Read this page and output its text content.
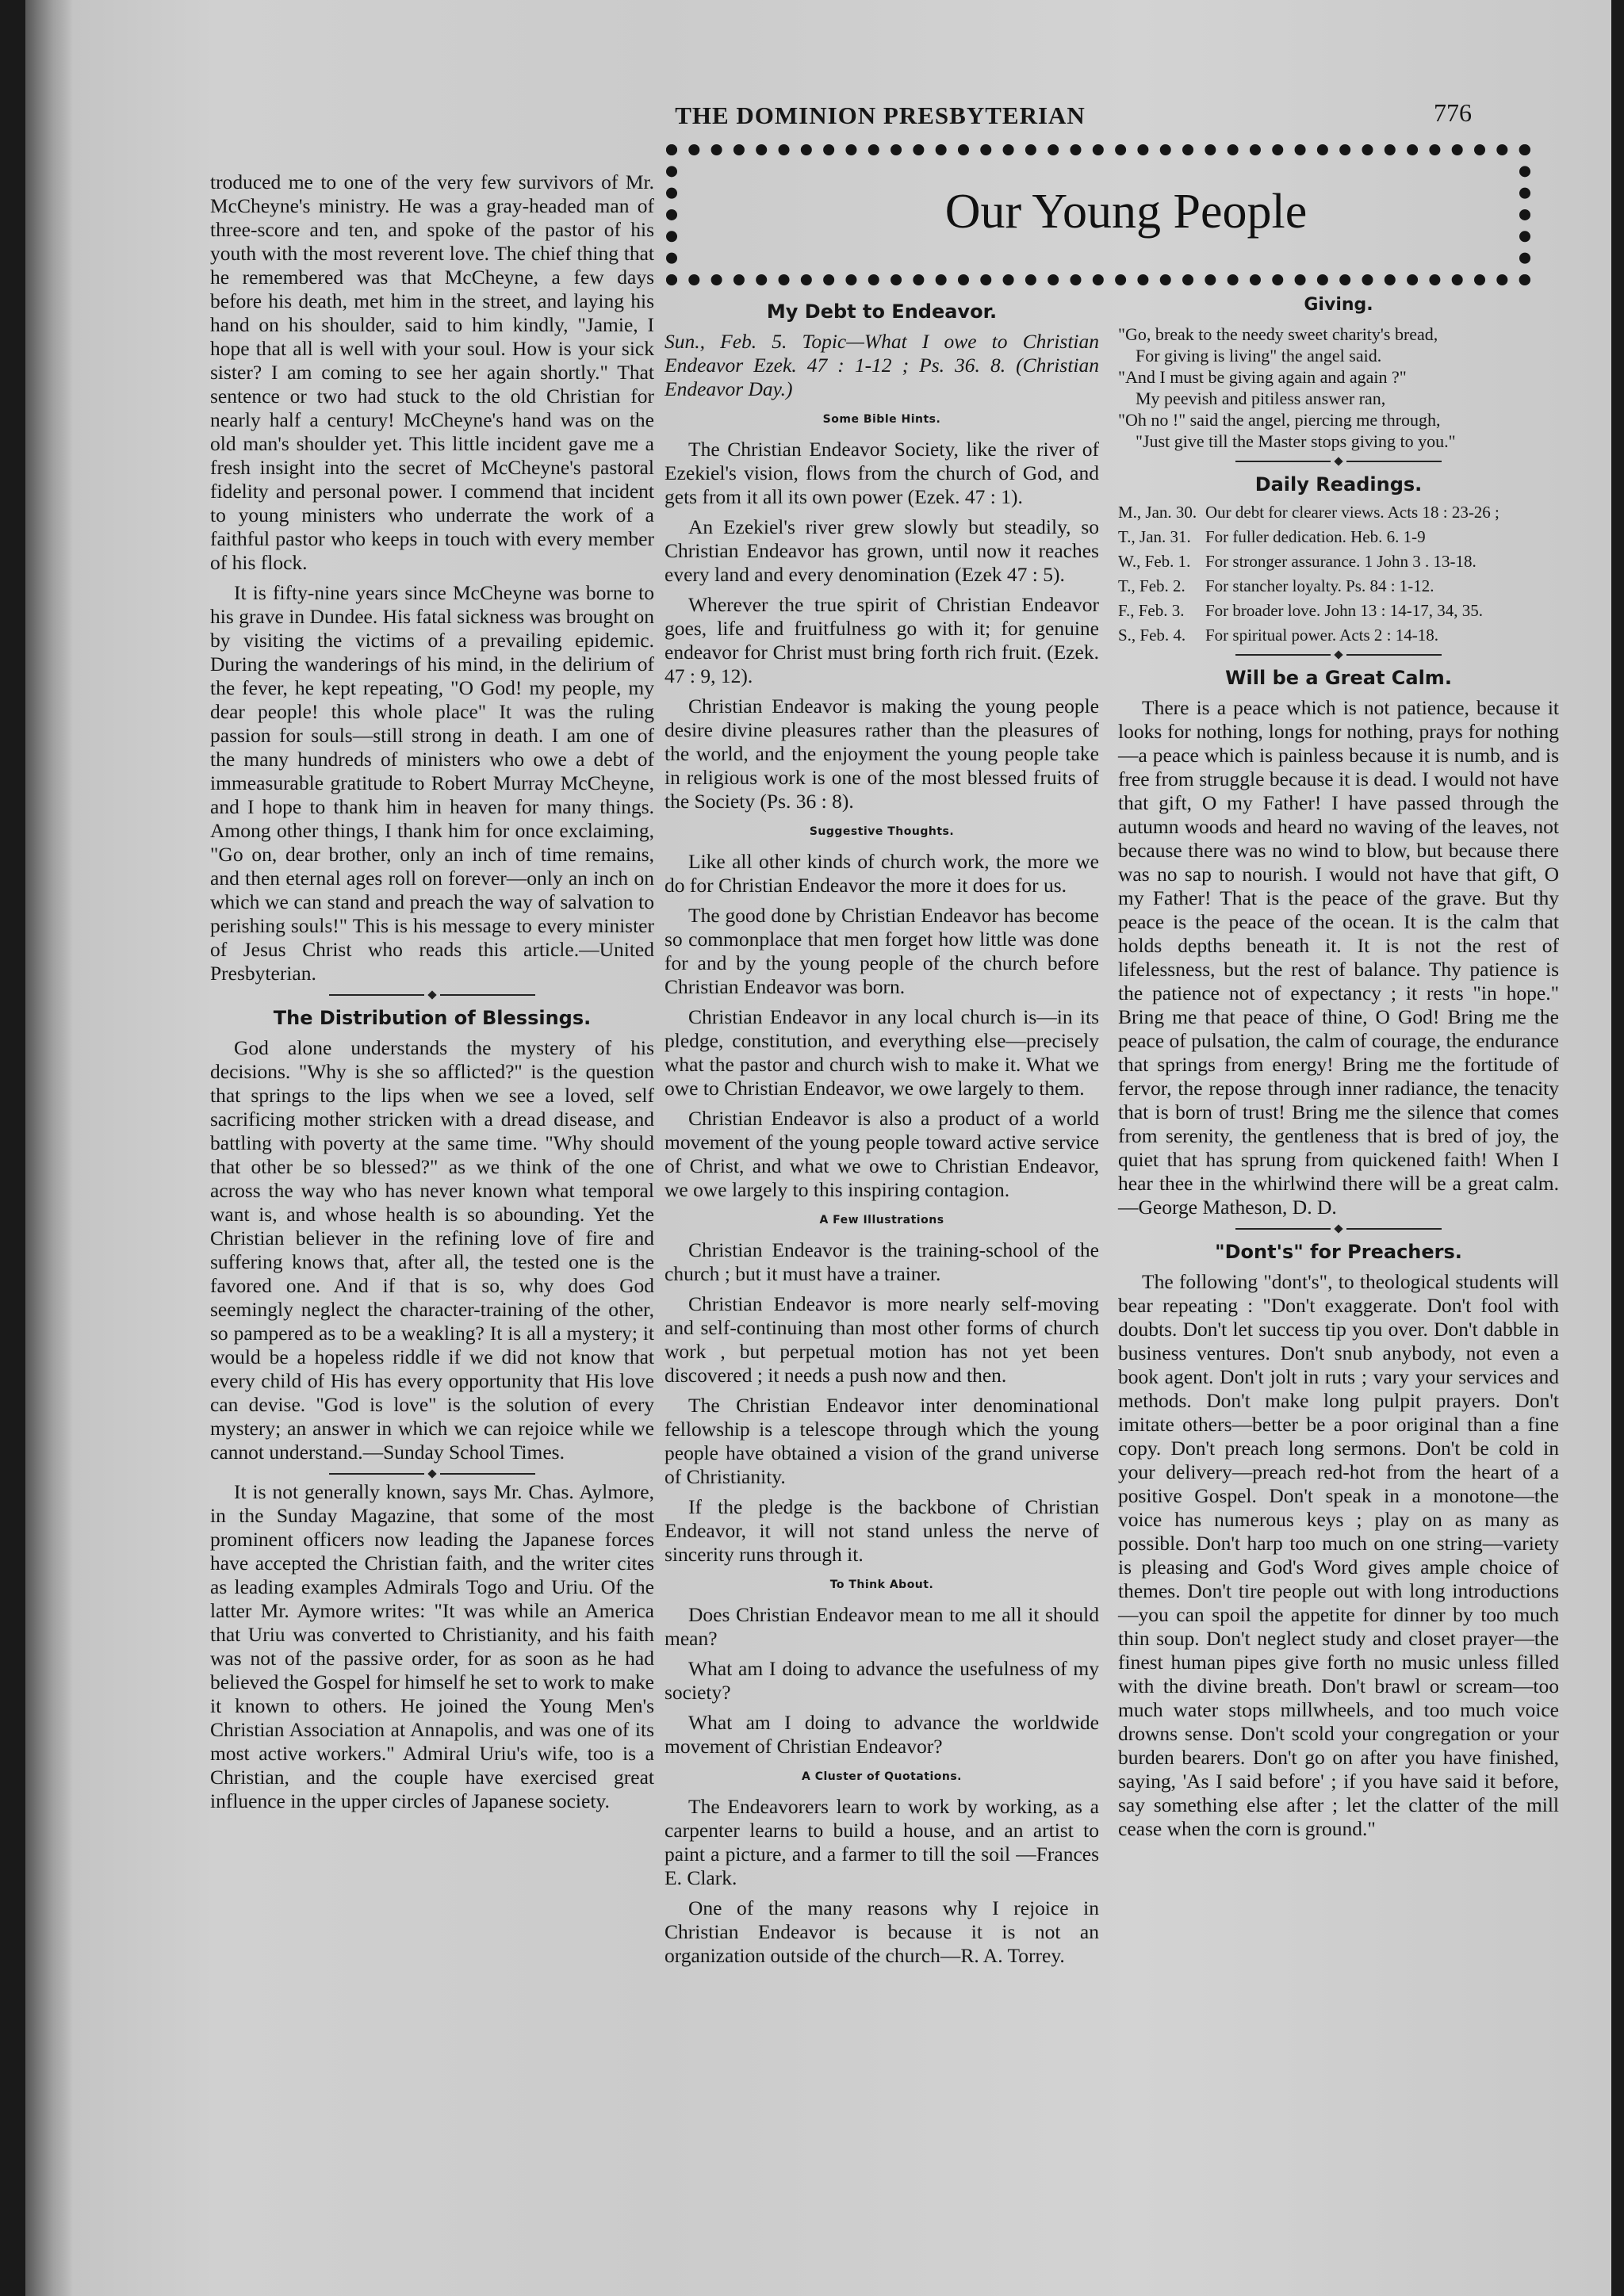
THE DOMINION PRESBYTERIAN	776
Our Young People

troduced me to one of the very few survivors of Mr. McCheyne's ministry. He was a gray-headed man of three-score and ten, and spoke of the pastor of his youth with the most reverent love. The chief thing that he remembered was that McCheyne, a few days before his death, met him in the street, and laying his hand on his shoulder, said to him kindly, "Jamie, I hope that all is well with your soul. How is your sick sister? I am coming to see her again shortly." That sentence or two had stuck to the old Christian for nearly half a century! McCheyne's hand was on the old man's shoulder yet. This little incident gave me a fresh insight into the secret of McCheyne's pastoral fidelity and personal power. I commend that incident to young ministers who underrate the work of a faithful pastor who keeps in touch with every member of his flock.

It is fifty-nine years since McCheyne was borne to his grave in Dundee. His fatal sickness was brought on by visiting the victims of a prevailing epidemic. During the wanderings of his mind, in the delirium of the fever, he kept repeating, "O God! my people, my dear people! this whole place" It was the ruling passion for souls—still strong in death. I am one of the many hundreds of ministers who owe a debt of immeasurable gratitude to Robert Murray McCheyne, and I hope to thank him in heaven for many things. Among other things, I thank him for once exclaiming, "Go on, dear brother, only an inch of time remains, and then eternal ages roll on forever—only an inch on which we can stand and preach the way of salvation to perishing souls!" This is his message to every minister of Jesus Christ who reads this article.—United Presbyterian.

The Distribution of Blessings.

God alone understands the mystery of his decisions. "Why is she so afflicted?" is the question that springs to the lips when we see a loved, self sacrificing mother stricken with a dread disease, and battling with poverty at the same time. "Why should that other be so blessed?" as we think of the one across the way who has never known what temporal want is, and whose health is so abounding. Yet the Christian believer in the refining love of fire and suffering knows that, after all, the tested one is the favored one. And if that is so, why does God seemingly neglect the character-training of the other, so pampered as to be a weakling? It is all a mystery; it would be a hopeless riddle if we did not know that every child of His has every opportunity that His love can devise. "God is love" is the solution of every mystery; an answer in which we can rejoice while we cannot understand.—Sunday School Times.

It is not generally known, says Mr. Chas. Aylmore, in the Sunday Magazine, that some of the most prominent officers now leading the Japanese forces have accepted the Christian faith, and the writer cites as leading examples Admirals Togo and Uriu. Of the latter Mr. Aymore writes: "It was while an America that Uriu was converted to Christianity, and his faith was not of the passive order, for as soon as he had believed the Gospel for himself he set to work to make it known to others. He joined the Young Men's Christian Association at Annapolis, and was one of its most active workers." Admiral Uriu's wife, too is a Christian, and the couple have exercised great influence in the upper circles of Japanese society.

My Debt to Endeavor.

Sun., Feb. 5. Topic—What I owe to Christian Endeavor Ezek. 47 : 1-12 ; Ps. 36. 8. (Christian Endeavor Day.)

Some Bible Hints.

The Christian Endeavor Society, like the river of Ezekiel's vision, flows from the church of God, and gets from it all its own power (Ezek. 47 : 1).

An Ezekiel's river grew slowly but steadily, so Christian Endeavor has grown, until now it reaches every land and every denomination (Ezek 47 : 5).

Wherever the true spirit of Christian Endeavor goes, life and fruitfulness go with it; for genuine endeavor for Christ must bring forth rich fruit. (Ezek. 47 : 9, 12).

Christian Endeavor is making the young people desire divine pleasures rather than the pleasures of the world, and the enjoyment the young people take in religious work is one of the most blessed fruits of the Society (Ps. 36 : 8).

Suggestive Thoughts.

Like all other kinds of church work, the more we do for Christian Endeavor the more it does for us.

The good done by Christian Endeavor has become so commonplace that men forget how little was done for and by the young people of the church before Christian Endeavor was born.

Christian Endeavor in any local church is—in its pledge, constitution, and everything else—precisely what the pastor and church wish to make it. What we owe to Christian Endeavor, we owe largely to them.

Christian Endeavor is also a product of a world movement of the young people toward active service of Christ, and what we owe to Christian Endeavor, we owe largely to this inspiring contagion.

A Few Illustrations

Christian Endeavor is the training-school of the church ; but it must have a trainer.

Christian Endeavor is more nearly self-moving and self-continuing than most other forms of church work , but perpetual motion has not yet been discovered ; it needs a push now and then.

The Christian Endeavor inter denominational fellowship is a telescope through which the young people have obtained a vision of the grand universe of Christianity.

If the pledge is the backbone of Christian Endeavor, it will not stand unless the nerve of sincerity runs through it.

To Think About.

Does Christian Endeavor mean to me all it should mean?

What am I doing to advance the usefulness of my society?

What am I doing to advance the worldwide movement of Christian Endeavor?

A Cluster of Quotations.

The Endeavorers learn to work by working, as a carpenter learns to build a house, and an artist to paint a picture, and a farmer to till the soil —Frances E. Clark.

One of the many reasons why I rejoice in Christian Endeavor is because it is not an organization outside of the church—R. A. Torrey.

Giving.
"Go, break to the needy sweet charity's bread,
For giving is living" the angel said.
"And I must be giving again and again ?"
My peevish and pitiless answer ran,
"Oh no !" said the angel, piercing me through,
"Just give till the Master stops giving to you."
Daily Readings.
M., Jan. 30. Our debt for clearer views. Acts 18 : 23-26 ;
T., Jan. 31. For fuller dedication. Heb. 6. 1-9
W., Feb. 1. For stronger assurance. 1 John 3 . 13-18.
T., Feb. 2.	For stancher loyalty. Ps. 84 : 1-12.
F., Feb. 3.	For broader love. John 13 : 14-17, 34, 35.
S., Feb. 4.	For spiritual power. Acts 2 : 14-18.
Will be a Great Calm.

There is a peace which is not patience, because it looks for nothing, longs for nothing, prays for nothing—a peace which is painless because it is numb, and is free from struggle because it is dead. I would not have that gift, O my Father! I have passed through the autumn woods and heard no waving of the leaves, not because there was no wind to blow, but because there was no sap to nourish. I would not have that gift, O my Father! That is the peace of the grave. But thy peace is the peace of the ocean. It is the calm that holds depths beneath it. It is not the rest of lifelessness, but the rest of balance. Thy patience is the patience not of expectancy ; it rests "in hope." Bring me that peace of thine, O God! Bring me the peace of pulsation, the calm of courage, the endurance that springs from energy! Bring me the fortitude of fervor, the repose through inner radiance, the tenacity that is born of trust! Bring me the silence that comes from serenity, the gentleness that is bred of joy, the quiet that has sprung from quickened faith! When I hear thee in the whirlwind there will be a great calm.—George Matheson, D. D.

"Dont's" for Preachers.

The following "dont's", to theological students will bear repeating : "Don't exaggerate. Don't fool with doubts. Don't let success tip you over. Don't dabble in business ventures. Don't snub anybody, not even a book agent. Don't jolt in ruts ; vary your services and methods. Don't make long pulpit prayers. Don't imitate others—better be a poor original than a fine copy. Don't preach long sermons. Don't be cold in your delivery—preach red-hot from the heart of a positive Gospel. Don't speak in a monotone—the voice has numerous keys ; play on as many as possible. Don't harp too much on one string—variety is pleasing and God's Word gives ample choice of themes. Don't tire people out with long introductions—you can spoil the appetite for dinner by too much thin soup. Don't neglect study and closet prayer—the finest human pipes give forth no music unless filled with the divine breath. Don't brawl or scream—too much water stops millwheels, and too much voice drowns sense. Don't scold your congregation or your burden bearers. Don't go on after you have finished, saying, 'As I said before' ; if you have said it before, say something else after ; let the clatter of the mill cease when the corn is ground."
